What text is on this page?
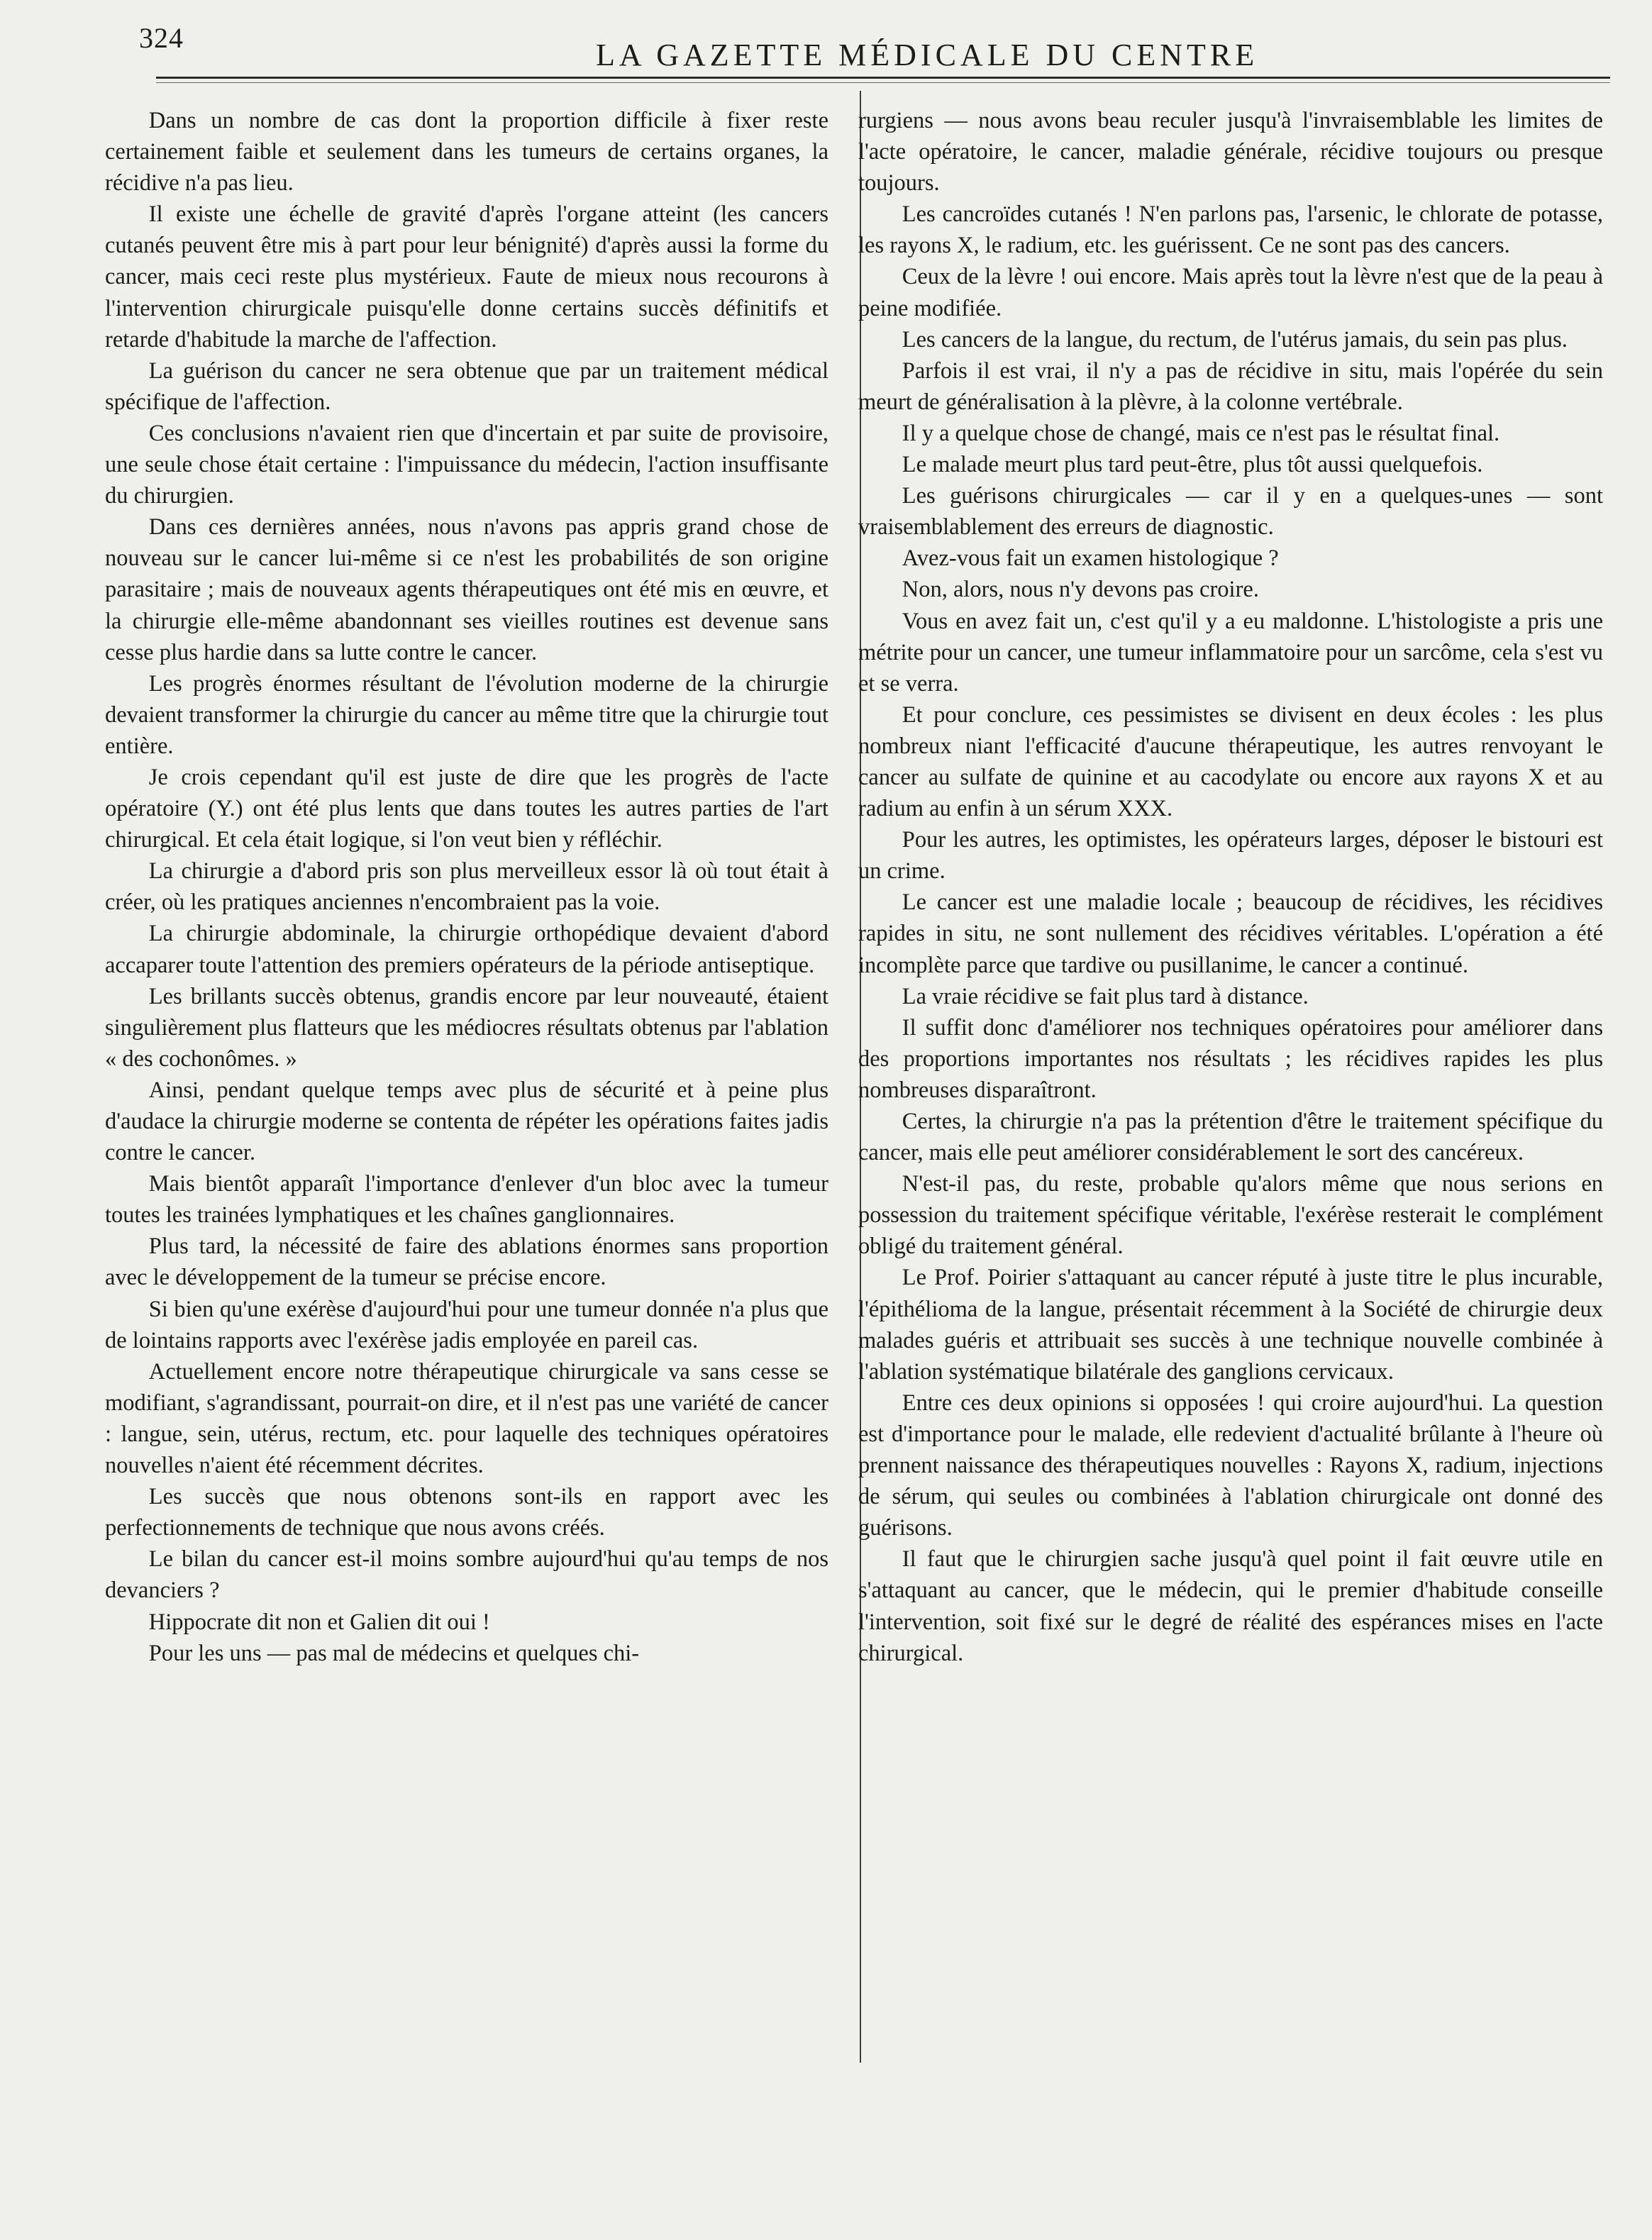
324	LA GAZETTE MÉDICALE DU CENTRE

Dans un nombre de cas dont la proportion difficile à fixer reste certainement faible et seulement dans les tumeurs de certains organes, la récidive n'a pas lieu.

Il existe une échelle de gravité d'après l'organe atteint (les cancers cutanés peuvent être mis à part pour leur bénignité) d'après aussi la forme du cancer, mais ceci reste plus mystérieux. Faute de mieux nous recourons à l'intervention chirurgicale puisqu'elle donne certains succès définitifs et retarde d'habitude la marche de l'affection.

La guérison du cancer ne sera obtenue que par un traitement médical spécifique de l'affection.

Ces conclusions n'avaient rien que d'incertain et par suite de provisoire, une seule chose était certaine : l'impuissance du médecin, l'action insuffisante du chirurgien.

Dans ces dernières années, nous n'avons pas appris grand chose de nouveau sur le cancer lui-même si ce n'est les probabilités de son origine parasitaire ; mais de nouveaux agents thérapeutiques ont été mis en œuvre, et la chirurgie elle-même abandonnant ses vieilles routines est devenue sans cesse plus hardie dans sa lutte contre le cancer.

Les progrès énormes résultant de l'évolution moderne de la chirurgie devaient transformer la chirurgie du cancer au même titre que la chirurgie tout entière.

Je crois cependant qu'il est juste de dire que les progrès de l'acte opératoire (Y.) ont été plus lents que dans toutes les autres parties de l'art chirurgical. Et cela était logique, si l'on veut bien y réfléchir.

La chirurgie a d'abord pris son plus merveilleux essor là où tout était à créer, où les pratiques anciennes n'encombraient pas la voie.

La chirurgie abdominale, la chirurgie orthopédique devaient d'abord accaparer toute l'attention des premiers opérateurs de la période antiseptique.

Les brillants succès obtenus, grandis encore par leur nouveauté, étaient singulièrement plus flatteurs que les médiocres résultats obtenus par l'ablation « des cochonômes. »

Ainsi, pendant quelque temps avec plus de sécurité et à peine plus d'audace la chirurgie moderne se contenta de répéter les opérations faites jadis contre le cancer.

Mais bientôt apparaît l'importance d'enlever d'un bloc avec la tumeur toutes les trainées lymphatiques et les chaînes ganglionnaires.

Plus tard, la nécessité de faire des ablations énormes sans proportion avec le développement de la tumeur se précise encore.

Si bien qu'une exérèse d'aujourd'hui pour une tumeur donnée n'a plus que de lointains rapports avec l'exérèse jadis employée en pareil cas.

Actuellement encore notre thérapeutique chirurgicale va sans cesse se modifiant, s'agrandissant, pourrait-on dire, et il n'est pas une variété de cancer : langue, sein, utérus, rectum, etc. pour laquelle des techniques opératoires nouvelles n'aient été récemment décrites.

Les succès que nous obtenons sont-ils en rapport avec les perfectionnements de technique que nous avons créés.

Le bilan du cancer est-il moins sombre aujourd'hui qu'au temps de nos devanciers ?

Hippocrate dit non et Galien dit oui !

Pour les uns — pas mal de médecins et quelques chi-

rurgiens — nous avons beau reculer jusqu'à l'invraisemblable les limites de l'acte opératoire, le cancer, maladie générale, récidive toujours ou presque toujours.

Les cancroïdes cutanés ! N'en parlons pas, l'arsenic, le chlorate de potasse, les rayons X, le radium, etc. les guérissent. Ce ne sont pas des cancers.

Ceux de la lèvre ! oui encore. Mais après tout la lèvre n'est que de la peau à peine modifiée.

Les cancers de la langue, du rectum, de l'utérus jamais, du sein pas plus.

Parfois il est vrai, il n'y a pas de récidive in situ, mais l'opérée du sein meurt de généralisation à la plèvre, à la colonne vertébrale.

Il y a quelque chose de changé, mais ce n'est pas le résultat final.

Le malade meurt plus tard peut-être, plus tôt aussi quelquefois.

Les guérisons chirurgicales — car il y en a quelques-unes — sont vraisemblablement des erreurs de diagnostic.

Avez-vous fait un examen histologique ?

Non, alors, nous n'y devons pas croire.

Vous en avez fait un, c'est qu'il y a eu maldonne. L'histologiste a pris une métrite pour un cancer, une tumeur inflammatoire pour un sarcôme, cela s'est vu et se verra.

Et pour conclure, ces pessimistes se divisent en deux écoles : les plus nombreux niant l'efficacité d'aucune thérapeutique, les autres renvoyant le cancer au sulfate de quinine et au cacodylate ou encore aux rayons X et au radium au enfin à un sérum XXX.

Pour les autres, les optimistes, les opérateurs larges, déposer le bistouri est un crime.

Le cancer est une maladie locale ; beaucoup de récidives, les récidives rapides in situ, ne sont nullement des récidives véritables. L'opération a été incomplète parce que tardive ou pusillanime, le cancer a continué.

La vraie récidive se fait plus tard à distance.

Il suffit donc d'améliorer nos techniques opératoires pour améliorer dans des proportions importantes nos résultats ; les récidives rapides les plus nombreuses disparaîtront.

Certes, la chirurgie n'a pas la prétention d'être le traitement spécifique du cancer, mais elle peut améliorer considérablement le sort des cancéreux.

N'est-il pas, du reste, probable qu'alors même que nous serions en possession du traitement spécifique véritable, l'exérèse resterait le complément obligé du traitement général.

Le Prof. Poirier s'attaquant au cancer réputé à juste titre le plus incurable, l'épithélioma de la langue, présentait récemment à la Société de chirurgie deux malades guéris et attribuait ses succès à une technique nouvelle combinée à l'ablation systématique bilatérale des ganglions cervicaux.

Entre ces deux opinions si opposées ! qui croire aujourd'hui. La question est d'importance pour le malade, elle redevient d'actualité brûlante à l'heure où prennent naissance des thérapeutiques nouvelles : Rayons X, radium, injections de sérum, qui seules ou combinées à l'ablation chirurgicale ont donné des guérisons.

Il faut que le chirurgien sache jusqu'à quel point il fait œuvre utile en s'attaquant au cancer, que le médecin, qui le premier d'habitude conseille l'intervention, soit fixé sur le degré de réalité des espérances mises en l'acte chirurgical.
